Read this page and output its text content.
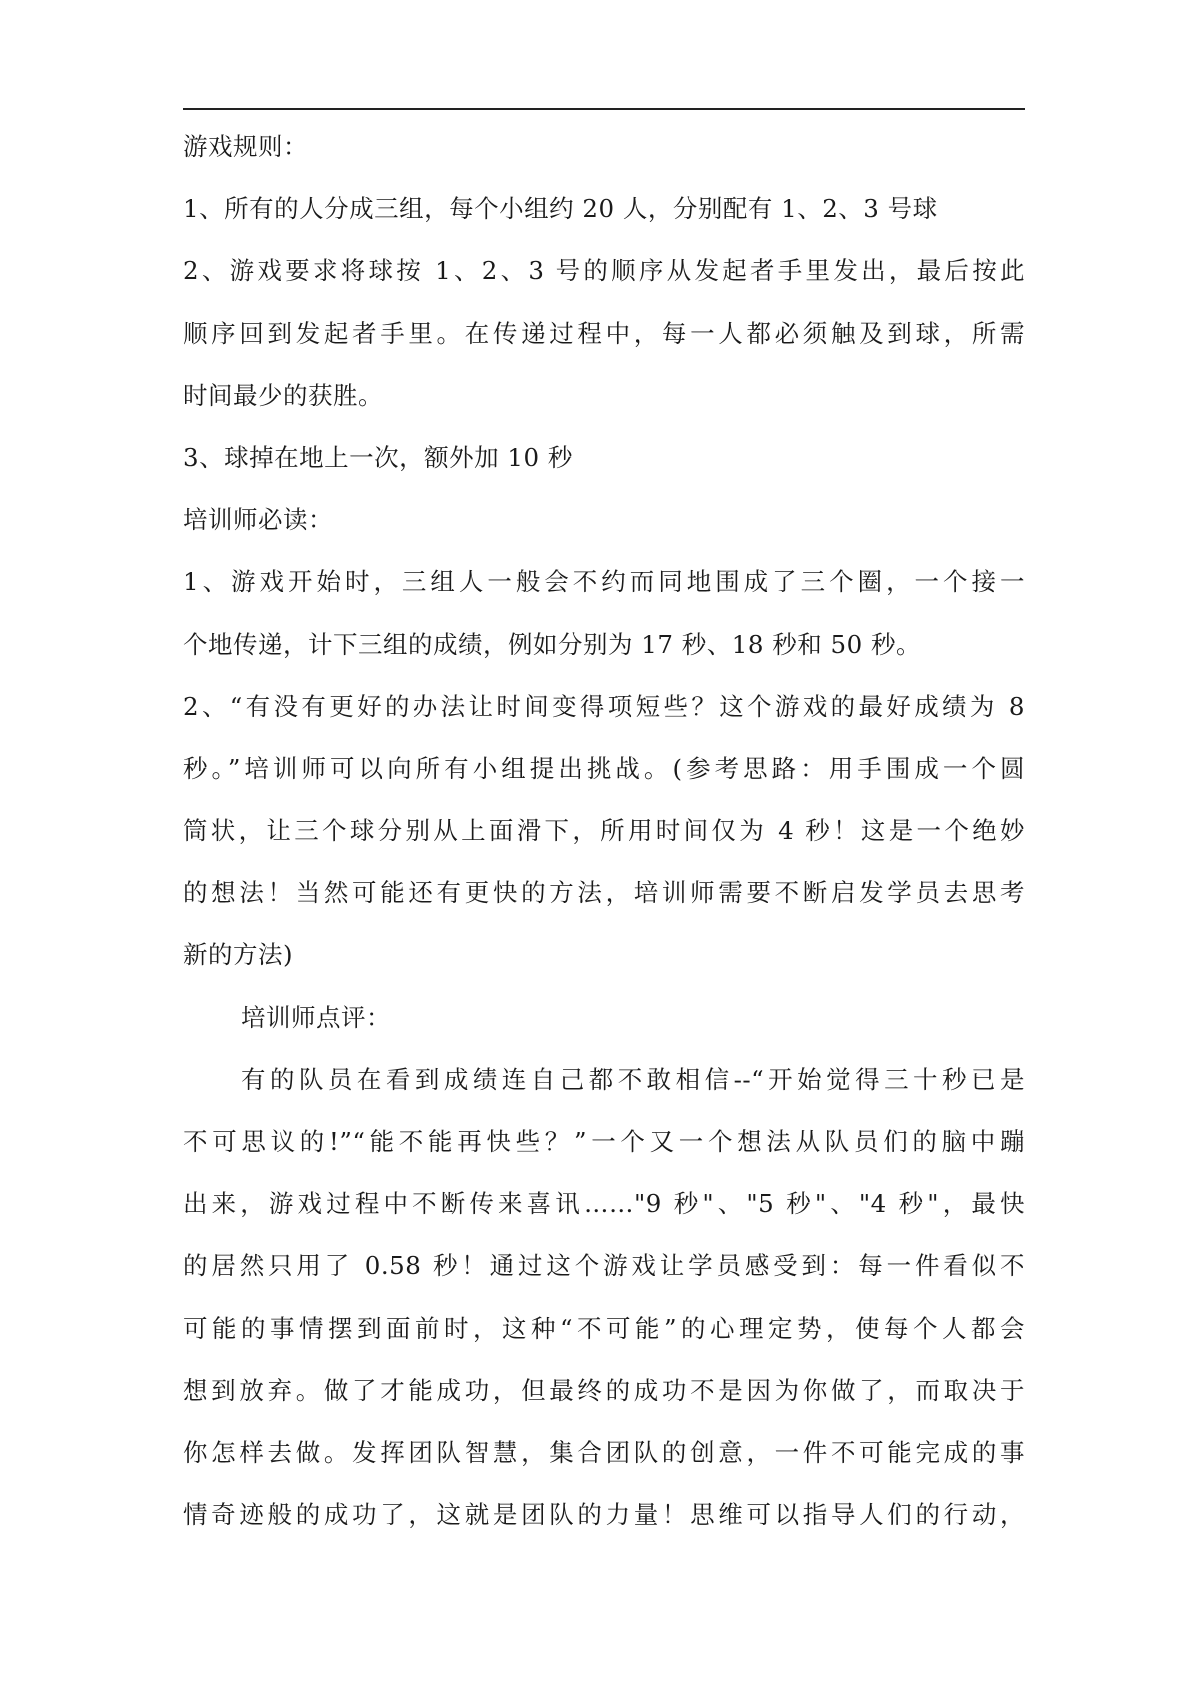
游戏规则：
1、所有的人分成三组，每个小组约 20 人，分别配有 1、2、3 号球
2、游戏要求将球按 1、2、3 号的顺序从发起者手里发出，最后按此
顺序回到发起者手里。在传递过程中，每一人都必须触及到球，所需
时间最少的获胜。
3、球掉在地上一次，额外加 10 秒
培训师必读：
1、游戏开始时，三组人一般会不约而同地围成了三个圈，一个接一
个地传递，计下三组的成绩，例如分别为 17 秒、18 秒和 50 秒。
2、“有没有更好的办法让时间变得项短些？这个游戏的最好成绩为 8
秒。”培训师可以向所有小组提出挑战。(参考思路：用手围成一个圆
筒状，让三个球分别从上面滑下，所用时间仅为 4 秒！这是一个绝妙
的想法！当然可能还有更快的方法，培训师需要不断启发学员去思考
新的方法)
培训师点评：
有的队员在看到成绩连自己都不敢相信--“开始觉得三十秒已是
不可思议的!”“能不能再快些？”一个又一个想法从队员们的脑中蹦
出来，游戏过程中不断传来喜讯……"9 秒"、"5 秒"、"4 秒"，最快
的居然只用了 0.58 秒！通过这个游戏让学员感受到：每一件看似不
可能的事情摆到面前时，这种“不可能”的心理定势，使每个人都会
想到放弃。做了才能成功，但最终的成功不是因为你做了，而取决于
你怎样去做。发挥团队智慧，集合团队的创意，一件不可能完成的事
情奇迹般的成功了，这就是团队的力量！思维可以指导人们的行动，
